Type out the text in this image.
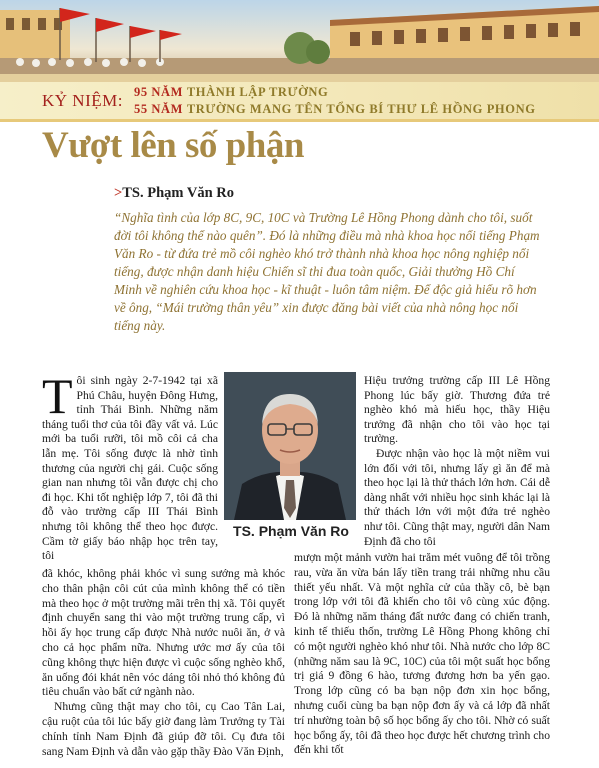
KỶ NIỆM: 95 NĂM THÀNH LẬP TRƯỜNG
55 NĂM TRƯỜNG MANG TÊN TỔNG BÍ THƯ LÊ HỒNG PHONG
Vượt lên số phận
>TS. Phạm Văn Ro

“Nghĩa tình của lớp 8C, 9C, 10C và Trường Lê Hồng Phong dành cho tôi, suốt đời tôi không thể nào quên”. Đó là những điều mà nhà khoa học nổi tiếng Phạm Văn Ro - từ đứa trẻ mồ côi nghèo khó trở thành nhà khoa học nông nghiệp nổi tiếng, được nhận danh hiệu Chiến sĩ thi đua toàn quốc, Giải thưởng Hồ Chí Minh về nghiên cứu khoa học - kĩ thuật - luôn tâm niệm. Để độc giả hiểu rõ hơn về ông, “Mái trường thân yêu” xin được đăng bài viết của nhà nông học nổi tiếng này.

Tôi sinh ngày 2-7-1942 tại xã Phú Châu, huyện Đông Hưng, tỉnh Thái Bình. Những năm tháng tuổi thơ của tôi đầy vất vả. Lúc mới ba tuổi rưỡi, tôi mồ côi cả cha lẫn mẹ. Tôi sống được là nhờ tình thương của người chị gái. Cuộc sống gian nan nhưng tôi vẫn được chị cho đi học. Khi tốt nghiệp lớp 7, tôi đã thi đỗ vào trường cấp III Thái Bình nhưng tôi không thể theo học được. Cầm tờ giấy báo nhập học trên tay, tôi

TS. Phạm Văn Ro

đã khóc, không phải khóc vì sung sướng mà khóc cho thân phận côi cút của mình không thể có tiền mà theo học ở một trường mãi trên thị xã. Tôi quyết định chuyển sang thi vào một trường trung cấp, vì hồi ấy học trung cấp được Nhà nước nuôi ăn, ở và cho cả học phẩm nữa. Nhưng ước mơ ấy của tôi cũng không thực hiện được vì cuộc sống nghèo khổ, ăn uống đói khát nên vóc dáng tôi nhỏ thó không đủ tiêu chuẩn vào bất cứ ngành nào.

Nhưng cũng thật may cho tôi, cụ Cao Tân Lai, cậu ruột của tôi lúc bấy giờ đang làm Trưởng ty Tài chính tỉnh Nam Định đã giúp đỡ tôi. Cụ đưa tôi sang Nam Định và dẫn vào gặp thầy Đào Văn Định,

Hiệu trưởng trường cấp III Lê Hồng Phong lúc bấy giờ. Thương đứa trẻ nghèo khó mà hiếu học, thầy Hiệu trưởng đã nhận cho tôi vào học tại trường.

Được nhận vào học là một niềm vui lớn đối với tôi, nhưng lấy gì ăn để mà theo học lại là thử thách lớn hơn. Cái dễ dàng nhất với nhiều học sinh khác lại là thử thách lớn với một đứa trẻ nghèo như tôi. Cũng thật may, người dân Nam Định đã cho tôi

mượn một mảnh vườn hai trăm mét vuông để tôi trồng rau, vừa ăn vừa bán lấy tiền trang trải những nhu cầu thiết yếu nhất. Và một nghĩa cử của thầy cô, bè bạn trong lớp với tôi đã khiến cho tôi vô cùng xúc động. Đó là những năm tháng đất nước đang có chiến tranh, kinh tế thiếu thốn, trường Lê Hồng Phong không chỉ có một người nghèo khó như tôi. Nhà nước cho lớp 8C (những năm sau là 9C, 10C) của tôi một suất học bổng trị giá 9 đồng 6 hào, tương đương hơn ba yến gạo. Trong lớp cũng có ba bạn nộp đơn xin học bổng, nhưng cuối cùng ba bạn nộp đơn ấy và cả lớp đã nhất trí nhường toàn bộ số học bổng ấy cho tôi. Nhờ có suất học bổng ấy, tôi đã theo học được hết chương trình cho đến khi tốt
